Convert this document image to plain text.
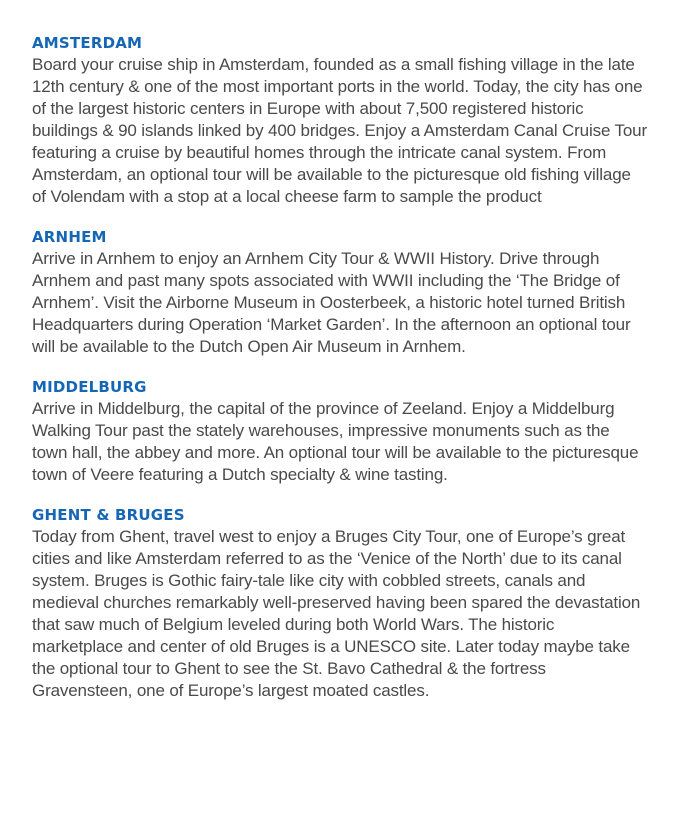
AMSTERDAM

Board your cruise ship in Amsterdam, founded as a small fishing village in the late 12th century & one of the most important ports in the world. Today, the city has one of the largest historic centers in Europe with about 7,500 registered historic buildings & 90 islands linked by 400 bridges. Enjoy a Amsterdam Canal Cruise Tour featuring a cruise by beautiful homes through the intricate canal system. From Amsterdam, an optional tour will be available to the picturesque old fishing village of Volendam with a stop at a local cheese farm to sample the product

ARNHEM

Arrive in Arnhem to enjoy an Arnhem City Tour & WWII History. Drive through Arnhem and past many spots associated with WWII including the ‘The Bridge of Arnhem’. Visit the Airborne Museum in Oosterbeek, a historic hotel turned British Headquarters during Operation ‘Market Garden’. In the afternoon an optional tour will be available to the Dutch Open Air Museum in Arnhem.

MIDDELBURG

Arrive in Middelburg, the capital of the province of Zeeland. Enjoy a Middelburg Walking Tour past the stately warehouses, impressive monuments such as the town hall, the abbey and more. An optional tour will be available to the picturesque town of Veere featuring a Dutch specialty & wine tasting.

GHENT & BRUGES

Today from Ghent, travel west to enjoy a Bruges City Tour, one of Europe’s great cities and like Amsterdam referred to as the ‘Venice of the North’ due to its canal system. Bruges is Gothic fairy-tale like city with cobbled streets, canals and medieval churches remarkably well-preserved having been spared the devastation that saw much of Belgium leveled during both World Wars. The historic marketplace and center of old Bruges is a UNESCO site. Later today maybe take the optional tour to Ghent to see the St. Bavo Cathedral & the fortress Gravensteen, one of Europe’s largest moated castles.
